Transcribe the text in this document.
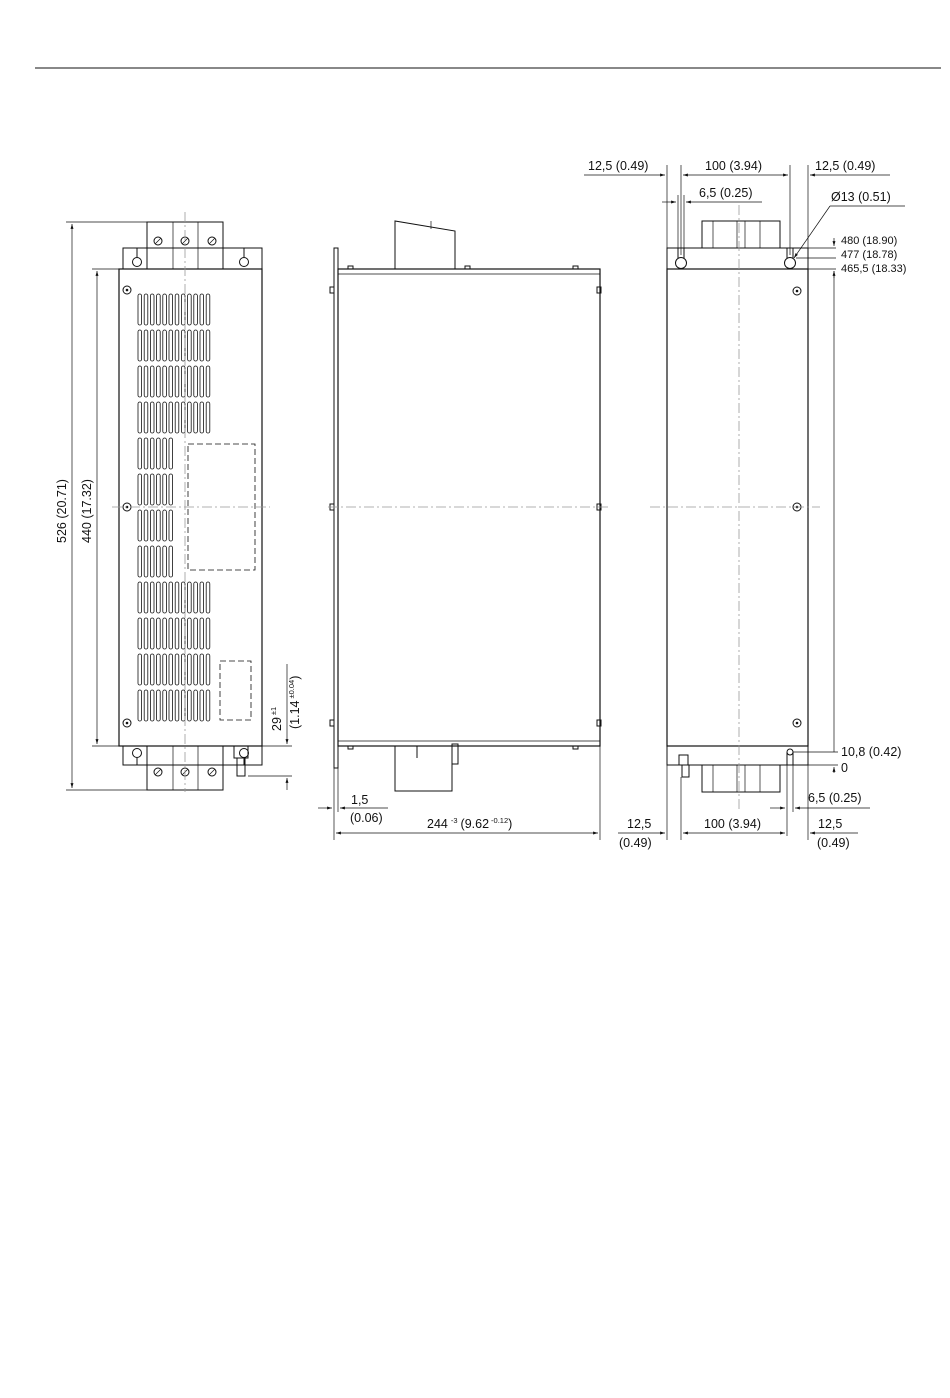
526 (20.71) 440 (17.32)
$29^{\pm 1}$ $(1.14^{\pm 0.04})$
1,5
(0.06)	244 $^{-3}$ (9.62 $^{-0.12}$)
12,5 (0.49)	100 (3.94)	12,5 (0.49)
6,5 (0.25)	Ø13 (0.51)
480 (18.90)
477 (18.78)
465,5 (18.33)
10,8 (0.42)
0
6,5 (0.25)
12,5
(0.49)
100 (3.94)	12,5
(0.49)
